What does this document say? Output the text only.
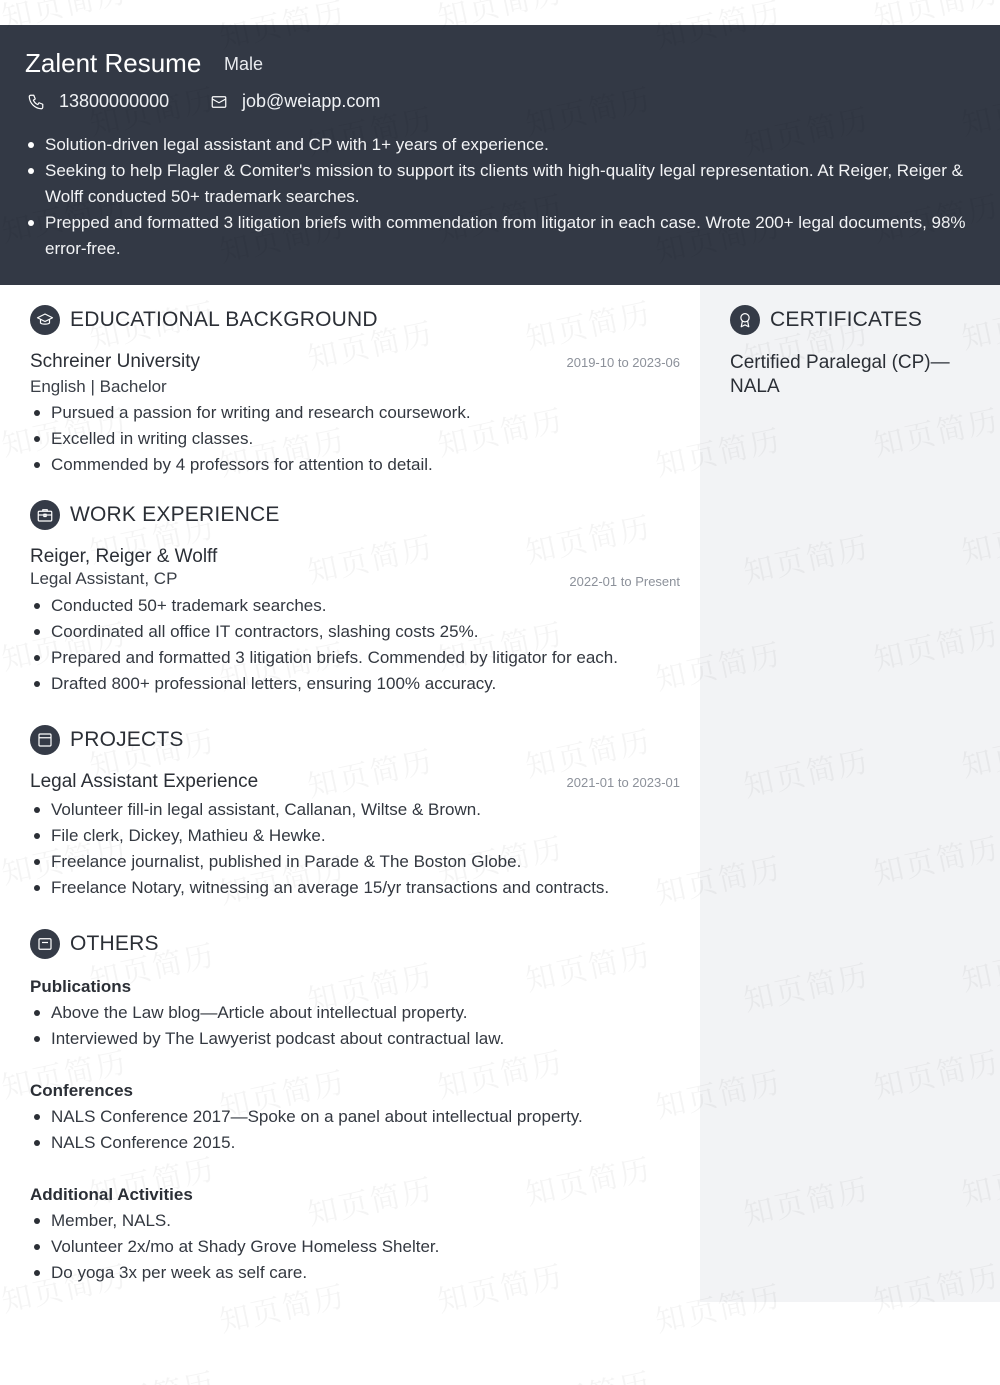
Zalent Resume Male
13800000000	job@weiapp.com
Solution-driven legal assistant and CP with 1+ years of experience.
Seeking to help Flagler & Comiter's mission to support its clients with high-quality legal representation. At Reiger, Reiger & Wolff conducted 50+ trademark searches.
Prepped and formatted 3 litigation briefs with commendation from litigator in each case. Wrote 200+ legal documents, 98% error-free.
EDUCATIONAL BACKGROUND
Schreiner University	2019-10 to 2023-06
English | Bachelor
Pursued a passion for writing and research coursework.
Excelled in writing classes.
Commended by 4 professors for attention to detail.
WORK EXPERIENCE
Reiger, Reiger & Wolff
Legal Assistant, CP	2022-01 to Present
Conducted 50+ trademark searches.
Coordinated all office IT contractors, slashing costs 25%.
Prepared and formatted 3 litigation briefs. Commended by litigator for each.
Drafted 800+ professional letters, ensuring 100% accuracy.
PROJECTS
Legal Assistant Experience	2021-01 to 2023-01
Volunteer fill-in legal assistant, Callanan, Wiltse & Brown.
File clerk, Dickey, Mathieu & Hewke.
Freelance journalist, published in Parade & The Boston Globe.
Freelance Notary, witnessing an average 15/yr transactions and contracts.
OTHERS
Publications
Above the Law blog—Article about intellectual property.
Interviewed by The Lawyerist podcast about contractual law.
Conferences
NALS Conference 2017—Spoke on a panel about intellectual property.
NALS Conference 2015.
Additional Activities
Member, NALS.
Volunteer 2x/mo at Shady Grove Homeless Shelter.
Do yoga 3x per week as self care.
CERTIFICATES
Certified Paralegal (CP)—NALA
